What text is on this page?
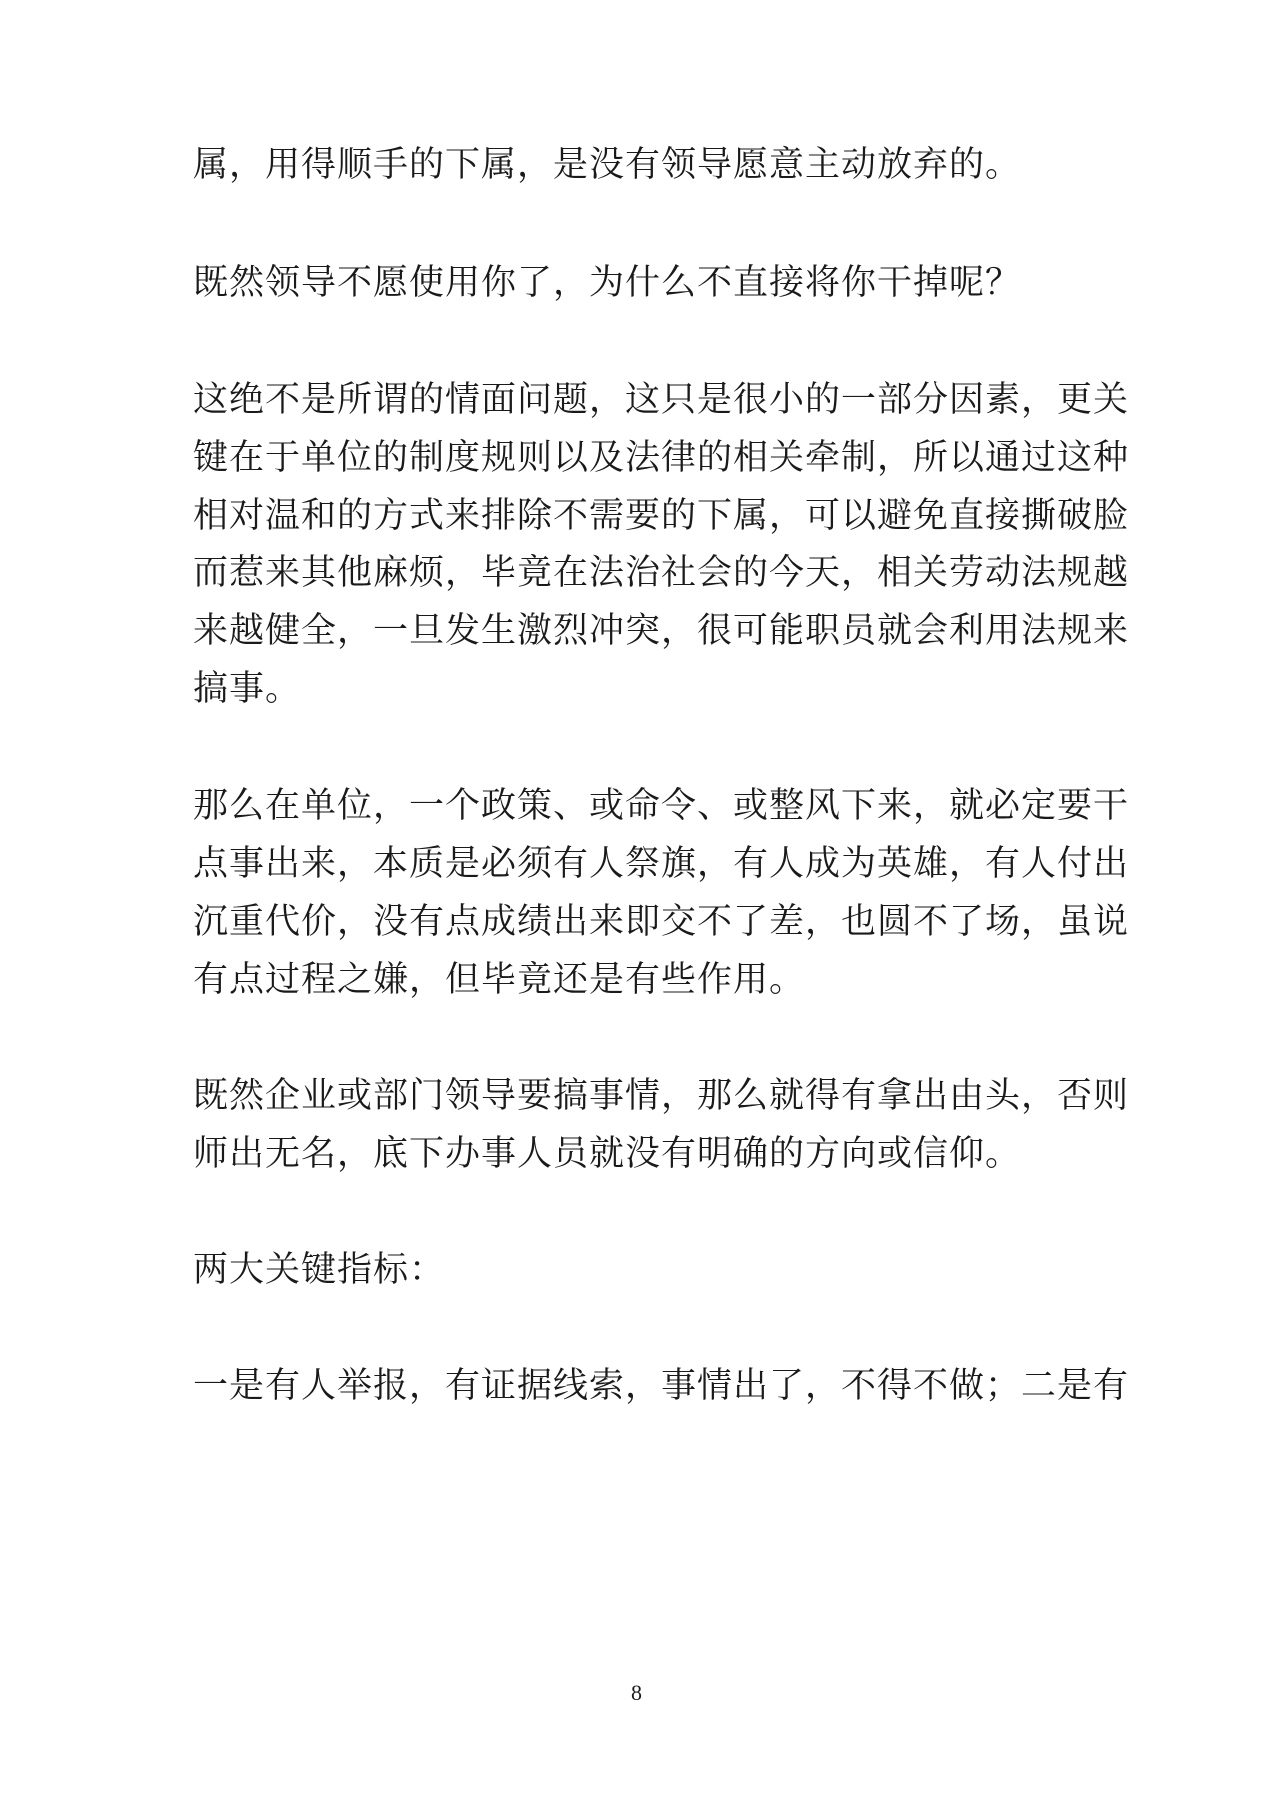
属，用得顺手的下属，是没有领导愿意主动放弃的。
既然领导不愿使用你了，为什么不直接将你干掉呢？
这绝不是所谓的情面问题，这只是很小的一部分因素，更关
键在于单位的制度规则以及法律的相关牵制，所以通过这种
相对温和的方式来排除不需要的下属，可以避免直接撕破脸
而惹来其他麻烦，毕竟在法治社会的今天，相关劳动法规越
来越健全，一旦发生激烈冲突，很可能职员就会利用法规来
搞事。
那么在单位，一个政策、或命令、或整风下来，就必定要干
点事出来，本质是必须有人祭旗，有人成为英雄，有人付出
沉重代价，没有点成绩出来即交不了差，也圆不了场，虽说
有点过程之嫌，但毕竟还是有些作用。
既然企业或部门领导要搞事情，那么就得有拿出由头，否则
师出无名，底下办事人员就没有明确的方向或信仰。
两大关键指标：
一是有人举报，有证据线索，事情出了，不得不做；二是有
8
